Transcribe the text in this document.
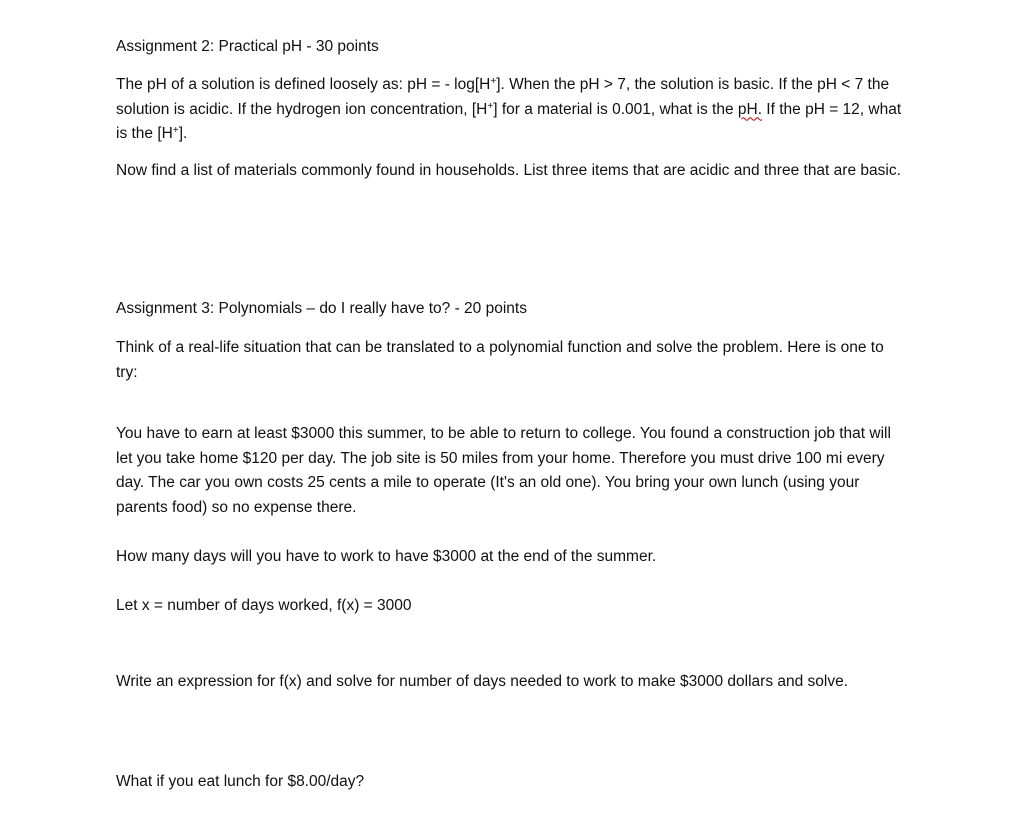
Assignment 2: Practical pH - 30 points

The pH of a solution is defined loosely as: pH = - log[H+]. When the pH > 7, the solution is basic. If the pH < 7 the solution is acidic. If the hydrogen ion concentration, [H+] for a material is 0.001, what is the pH. If the pH = 12, what is the [H+].

Now find a list of materials commonly found in households. List three items that are acidic and three that are basic.

Assignment 3: Polynomials – do I really have to? - 20 points

Think of a real-life situation that can be translated to a polynomial function and solve the problem. Here is one to try:

You have to earn at least $3000 this summer, to be able to return to college. You found a construction job that will let you take home $120 per day. The job site is 50 miles from your home. Therefore you must drive 100 mi every day. The car you own costs 25 cents a mile to operate (It's an old one). You bring your own lunch (using your parents food) so no expense there.

How many days will you have to work to have $3000 at the end of the summer.

Let x = number of days worked, f(x) = 3000

Write an expression for f(x) and solve for number of days needed to work to make $3000 dollars and solve.

What if you eat lunch for $8.00/day?
